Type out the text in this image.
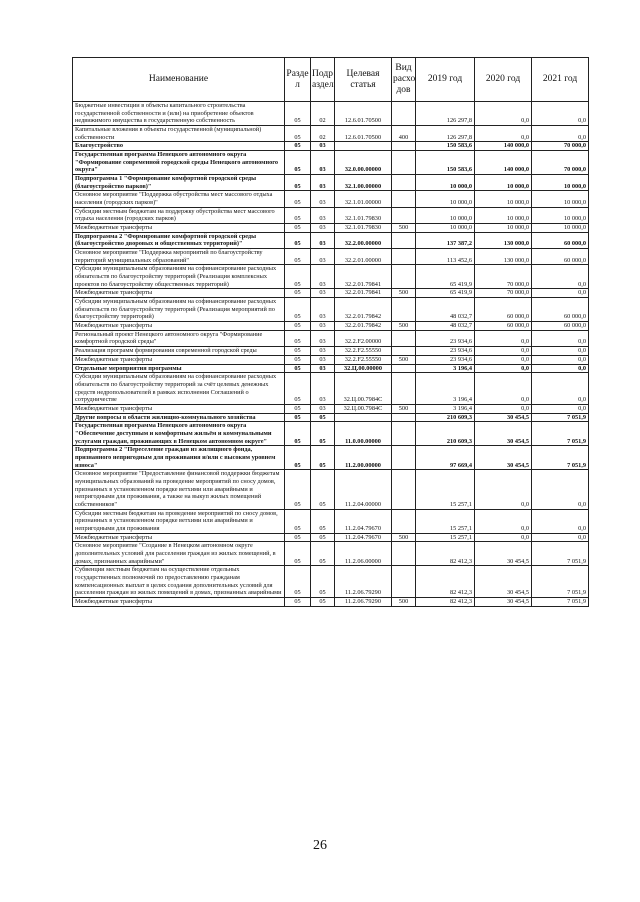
Наименование	Разде л	Подр аздел	Целевая статья	Вид расхо дов	2019 год	2020 год	2021 год
Бюджетные инвестиции в объекты капитального строительства государственной собственности и (или) на приобретение объектов недвижимого имущества в государственную собственность	05	02	12.6.01.70500		126 297,8	0,0	0,0
Капитальные вложения в объекты государственной (муниципальной) собственности	05	02	12.6.01.70500	400	126 297,8	0,0	0,0
Благоустройство	05	03			150 583,6	140 000,0	70 000,0
Государственная программа Ненецкого автономного округа "Формирование современной городской среды Ненецкого автономного округа"	05	03	32.0.00.00000		150 583,6	140 000,0	70 000,0
Подпрограмма 1 "Формирование комфортной городской среды (благоустройство парков)"	05	03	32.1.00.00000		10 000,0	10 000,0	10 000,0
Основное мероприятие "Поддержка обустройства мест массового отдыха населения (городских парков)"	05	03	32.1.01.00000		10 000,0	10 000,0	10 000,0
Субсидии местным бюджетам на поддержку обустройства мест массового отдыха населения (городских парков)	05	03	32.1.01.79830		10 000,0	10 000,0	10 000,0
Межбюджетные трансферты	05	03	32.1.01.79830	500	10 000,0	10 000,0	10 000,0
Подпрограмма 2 "Формирование комфортной городской среды (благоустройство дворовых и общественных территорий)"	05	03	32.2.00.00000		137 387,2	130 000,0	60 000,0
Основное мероприятие "Поддержка мероприятий по благоустройству территорий муниципальных образований"	05	03	32.2.01.00000		113 452,6	130 000,0	60 000,0
Субсидии муниципальным образованиям на софинансирование расходных обязательств по благоустройству территорий (Реализация комплексных проектов по благоустройству общественных территорий)	05	03	32.2.01.79841		65 419,9	70 000,0	0,0
Межбюджетные трансферты	05	03	32.2.01.79841	500	65 419,9	70 000,0	0,0
Субсидии муниципальным образованиям на софинансирование расходных обязательств по благоустройству территорий (Реализация мероприятий по благоустройству территорий)	05	03	32.2.01.79842		48 032,7	60 000,0	60 000,0
Межбюджетные трансферты	05	03	32.2.01.79842	500	48 032,7	60 000,0	60 000,0
Региональный проект Ненецкого автономного округа "Формирование комфортной городской среды"	05	03	32.2.F2.00000		23 934,6	0,0	0,0
Реализация программ формирования современной городской среды	05	03	32.2.F2.55550		23 934,6	0,0	0,0
Межбюджетные трансферты	05	03	32.2.F2.55550	500	23 934,6	0,0	0,0
Отдельные мероприятия программы	05	03	32.Ц.00.00000		3 196,4	0,0	0,0
Субсидии муниципальным образованиям на софинансирование расходных обязательств по благоустройству территорий за счёт целевых денежных средств недропользователей в рамках исполнения Соглашений о сотрудничестве	05	03	32.Ц.00.7984С		3 196,4	0,0	0,0
Межбюджетные трансферты	05	03	32.Ц.00.7984С	500	3 196,4	0,0	0,0
Другие вопросы в области жилищно-коммунального хозяйства	05	05			210 609,3	30 454,5	7 051,9
Государственная программа Ненецкого автономного округа "Обеспечение доступным и комфортным жильём и коммунальными услугами граждан, проживающих в Ненецком автономном округе"	05	05	11.0.00.00000		210 609,3	30 454,5	7 051,9
Подпрограмма 2 "Переселение граждан из жилищного фонда, признанного непригодным для проживания и/или с высоким уровнем износа"	05	05	11.2.00.00000		97 669,4	30 454,5	7 051,9
Основное мероприятие "Предоставление финансовой поддержки бюджетам муниципальных образований на проведение мероприятий по сносу домов, признанных в установленном порядке ветхими или аварийными и непригодными для проживания, а также на выкуп жилых помещений собственников"	05	05	11.2.04.00000		15 257,1	0,0	0,0
Субсидии местным бюджетам на проведение мероприятий по сносу домов, признанных в установленном порядке ветхими или аварийными и непригодными для проживания	05	05	11.2.04.79670		15 257,1	0,0	0,0
Межбюджетные трансферты	05	05	11.2.04.79670	500	15 257,1	0,0	0,0
Основное мероприятие "Создание в Ненецком автономном округе дополнительных условий для расселения граждан из жилых помещений, в домах, признанных аварийными"	05	05	11.2.06.00000		82 412,3	30 454,5	7 051,9
Субвенции местным бюджетам на осуществление отдельных государственных полномочий по предоставлению гражданам компенсационных выплат в целях создания дополнительных условий для расселения граждан из жилых помещений в домах, признанных аварийными	05	05	11.2.06.79290		82 412,3	30 454,5	7 051,9
Межбюджетные трансферты	05	05	11.2.06.79290	500	82 412,3	30 454,5	7 051,9
26
